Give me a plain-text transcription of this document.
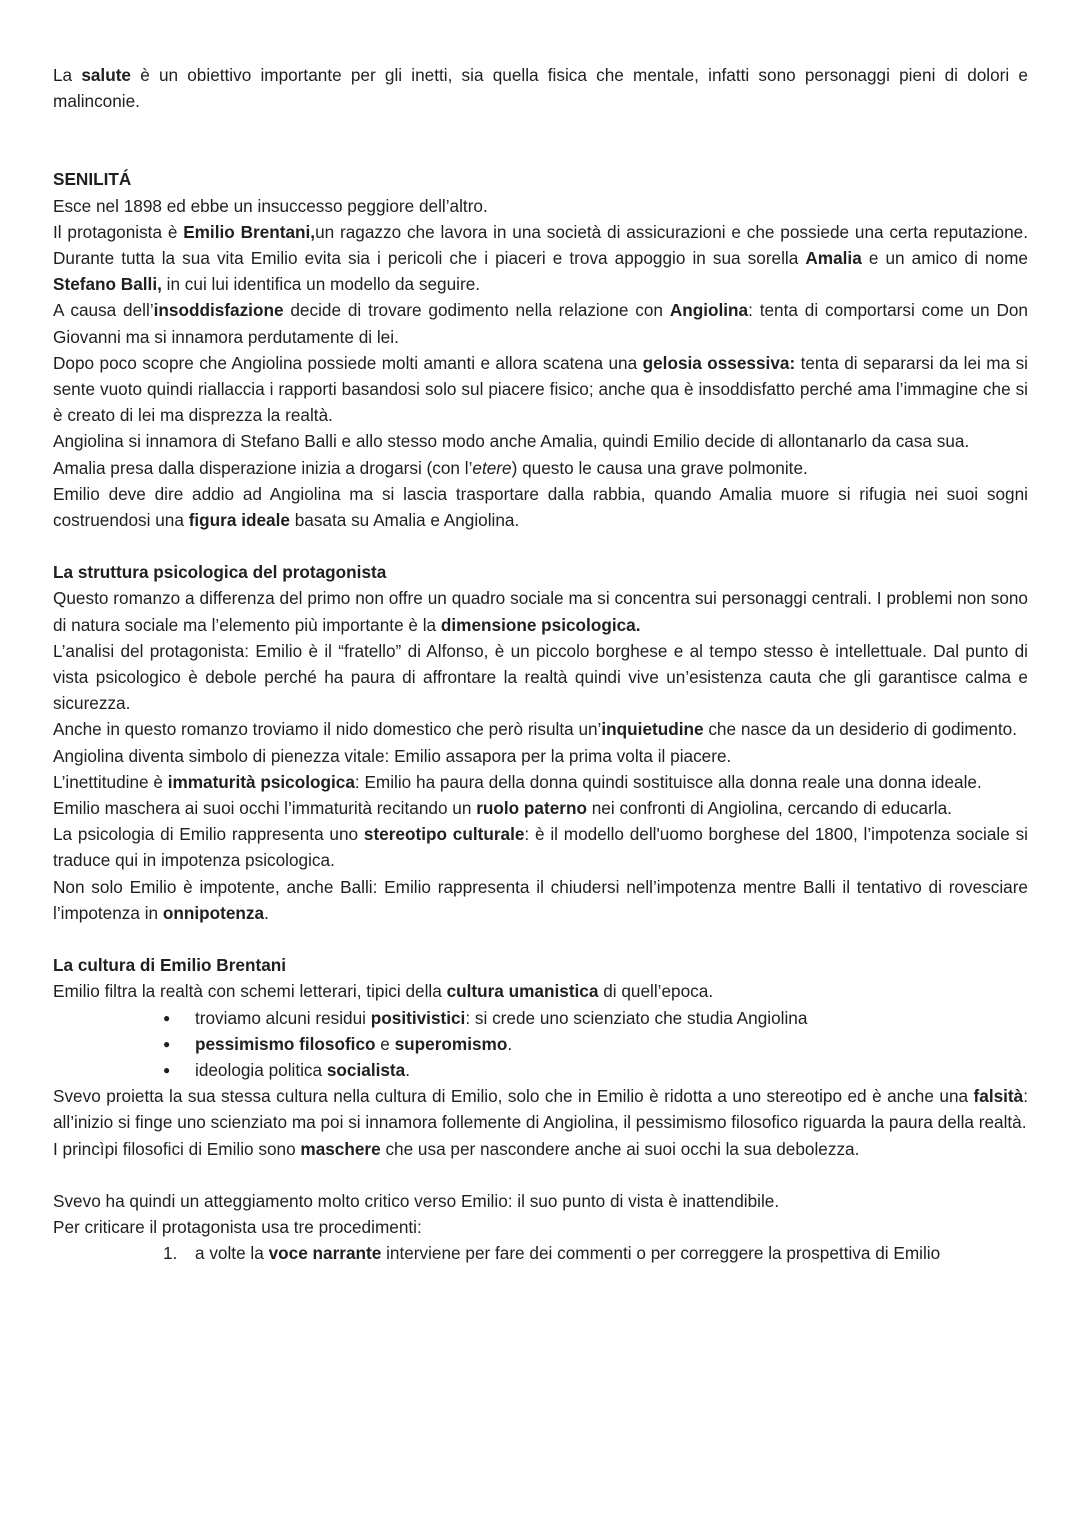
La salute è un obiettivo importante per gli inetti, sia quella fisica che mentale, infatti sono personaggi pieni di dolori e malinconie.

SENILITÁ

Esce nel 1898 ed ebbe un insuccesso peggiore dell’altro.

Il protagonista è Emilio Brentani,un ragazzo che lavora in una società di assicurazioni e che possiede una certa reputazione. Durante tutta la sua vita Emilio evita sia i pericoli che i piaceri e trova appoggio in sua sorella Amalia e un amico di nome Stefano Balli, in cui lui identifica un modello da seguire.

A causa dell’insoddisfazione decide di trovare godimento nella relazione con Angiolina: tenta di comportarsi come un Don Giovanni ma si innamora perdutamente di lei.

Dopo poco scopre che Angiolina possiede molti amanti e allora scatena una gelosia ossessiva: tenta di separarsi da lei ma si sente vuoto quindi riallaccia i rapporti basandosi solo sul piacere fisico; anche qua è insoddisfatto perché ama l’immagine che si è creato di lei ma disprezza la realtà.

Angiolina si innamora di Stefano Balli e allo stesso modo anche Amalia, quindi Emilio decide di allontanarlo da casa sua.

Amalia presa dalla disperazione inizia a drogarsi (con l’etere) questo le causa una grave polmonite.

Emilio deve dire addio ad Angiolina ma si lascia trasportare dalla rabbia, quando Amalia muore si rifugia nei suoi sogni costruendosi una figura ideale basata su Amalia e Angiolina.

La struttura psicologica del protagonista

Questo romanzo a differenza del primo non offre un quadro sociale ma si concentra sui personaggi centrali. I problemi non sono di natura sociale ma l’elemento più importante è la dimensione psicologica.

L’analisi del protagonista: Emilio è il “fratello” di Alfonso, è un piccolo borghese e al tempo stesso è intellettuale. Dal punto di vista psicologico è debole perché ha paura di affrontare la realtà quindi vive un’esistenza cauta che gli garantisce calma e sicurezza.

Anche in questo romanzo troviamo il nido domestico che però risulta un’inquietudine che nasce da un desiderio di godimento.

Angiolina diventa simbolo di pienezza vitale: Emilio assapora per la prima volta il piacere.

L’inettitudine è immaturità psicologica: Emilio ha paura della donna quindi sostituisce alla donna reale una donna ideale.

Emilio maschera ai suoi occhi l’immaturità recitando un ruolo paterno nei confronti di Angiolina, cercando di educarla.

La psicologia di Emilio rappresenta uno stereotipo culturale: è il modello dell'uomo borghese del 1800, l’impotenza sociale si traduce qui in impotenza psicologica.

Non solo Emilio è impotente, anche Balli: Emilio rappresenta il chiudersi nell’impotenza mentre Balli il tentativo di rovesciare l’impotenza in onnipotenza.

La cultura di Emilio Brentani

Emilio filtra la realtà con schemi letterari, tipici della cultura umanistica di quell’epoca.

● troviamo alcuni residui positivistici: si crede uno scienziato che studia Angiolina
● pessimismo filosofico e superomismo.
● ideologia politica socialista.

Svevo proietta la sua stessa cultura nella cultura di Emilio, solo che in Emilio è ridotta a uno stereotipo ed è anche una falsità: all’inizio si finge uno scienziato ma poi si innamora follemente di Angiolina, il pessimismo filosofico riguarda la paura della realtà.

I princìpi filosofici di Emilio sono maschere che usa per nascondere anche ai suoi occhi la sua debolezza.

Svevo ha quindi un atteggiamento molto critico verso Emilio: il suo punto di vista è inattendibile.

Per criticare il protagonista usa tre procedimenti:

1. a volte la voce narrante interviene per fare dei commenti o per correggere la prospettiva di Emilio
